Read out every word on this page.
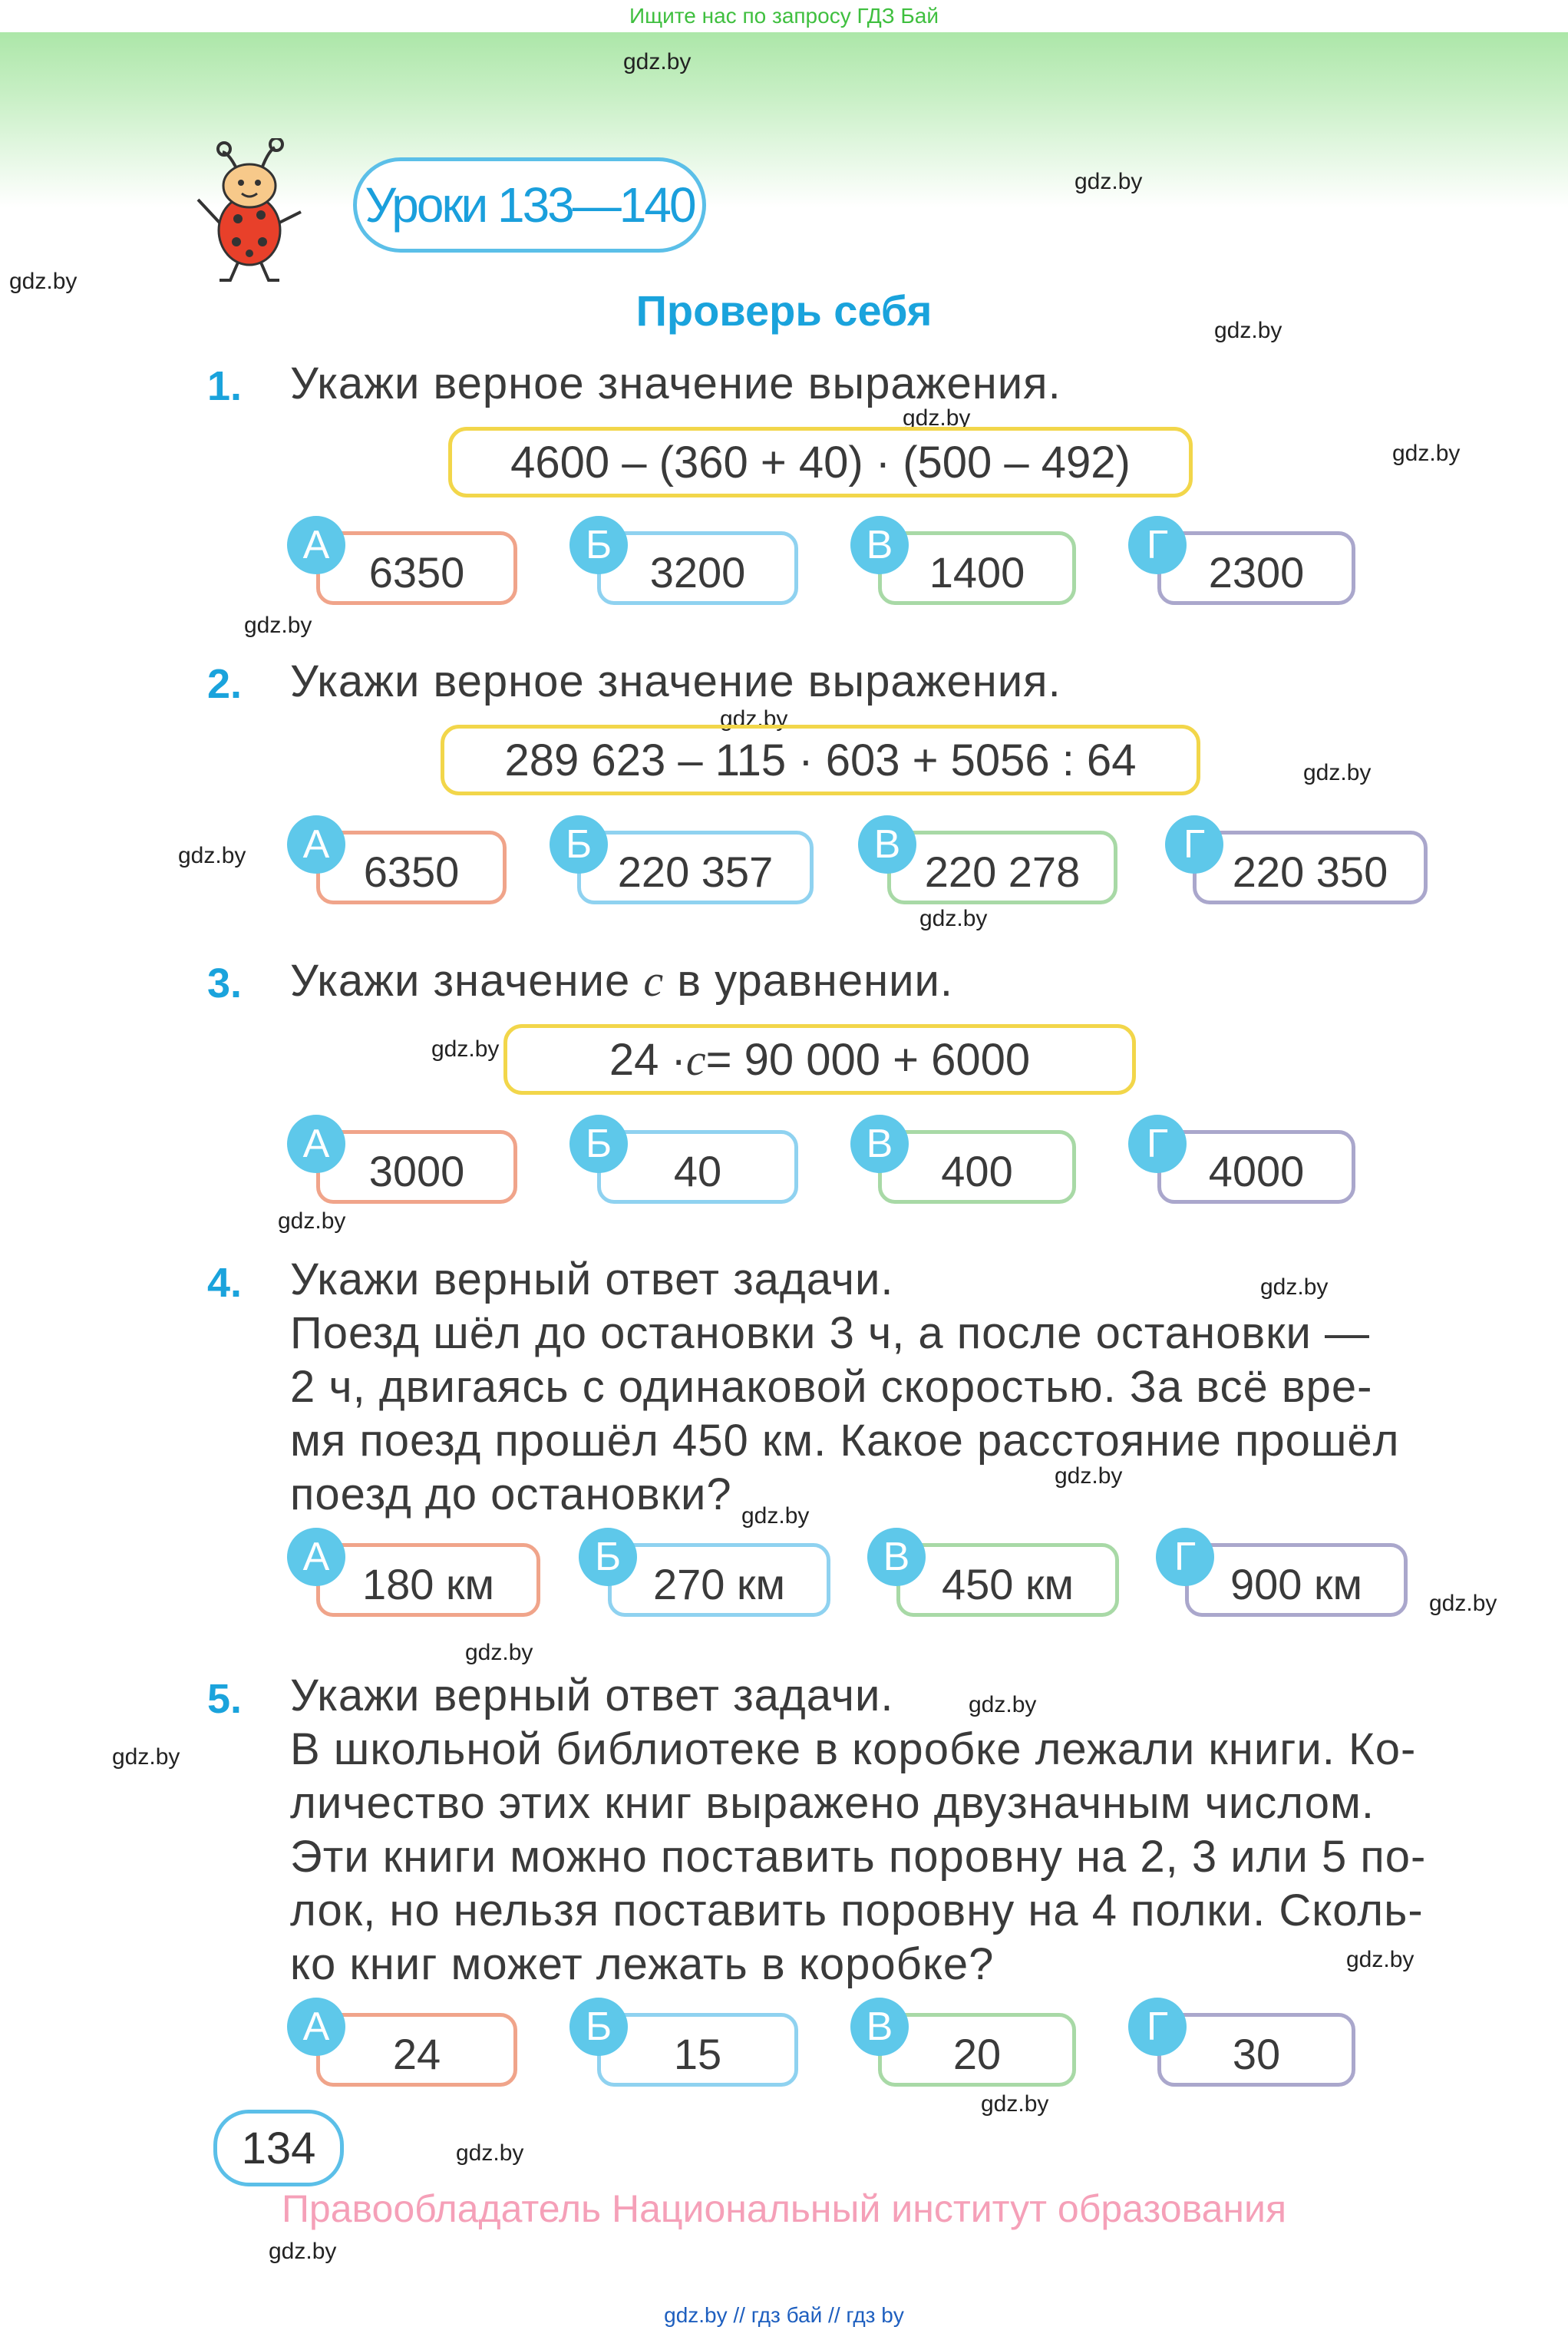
Ищите нас по запросу ГДЗ Бай
gdz.by
gdz.by
gdz.by
gdz.by
gdz.by
gdz.by
gdz.by
gdz.by
gdz.by
gdz.by
gdz.by
gdz.by
gdz.by
gdz.by
gdz.by
gdz.by
gdz.by
gdz.by
gdz.by
gdz.by
gdz.by
gdz.by
gdz.by
gdz.by
Уроки 133—140
Проверь себя
1. Укажи верное значение выражения.
4600 – (360 + 40) · (500 – 492)
6350
А
3200
Б
1400
В
2300
Г
2. Укажи верное значение выражения.
289 623 – 115 · 603 + 5056 : 64
6350
А
220 357
Б
220 278
В
220 350
Г
3. Укажи значение c в уравнении.
24 · c = 90 000 + 6000
3000
А
40
Б
400
В
4000
Г
4. Укажи верный ответ задачи.
Поезд шёл до остановки 3 ч, а после остановки —
2 ч, двигаясь с одинаковой скоростью. За всё вре-
мя поезд прошёл 450 км. Какое расстояние прошёл
поезд до остановки?
180 км
А
270 км
Б
450 км
В
900 км
Г
5. Укажи верный ответ задачи.
В школьной библиотеке в коробке лежали книги. Ко-
личество этих книг выражено двузначным числом.
Эти книги можно поставить поровну на 2, 3 или 5 по-
лок, но нельзя поставить поровну на 4 полки. Сколь-
ко книг может лежать в коробке?
24
А
15
Б
20
В
30
Г
134
Правообладатель Национальный институт образования
gdz.by // гдз бай // гдз by
